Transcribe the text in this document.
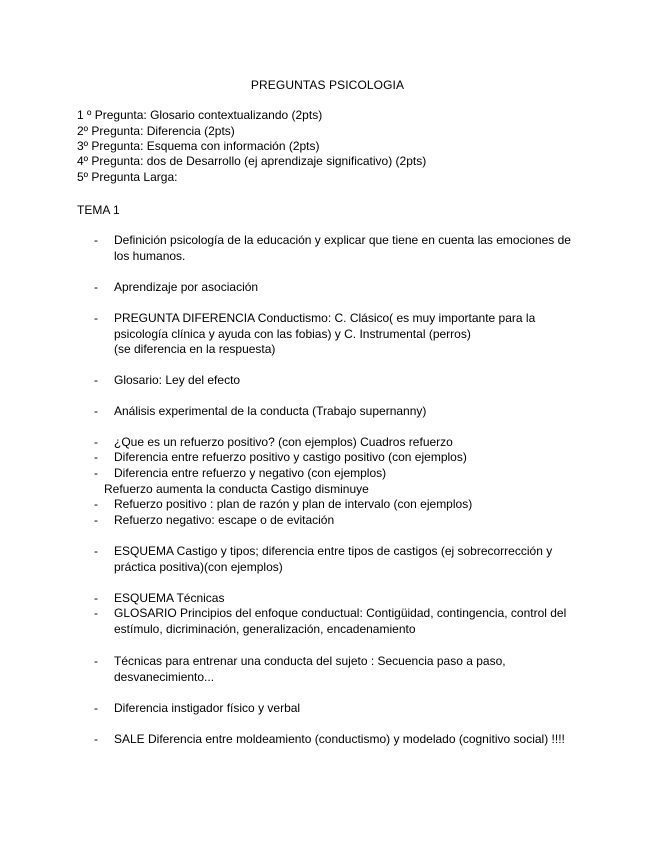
PREGUNTAS PSICOLOGIA
1 º Pregunta: Glosario contextualizando (2pts)
2º Pregunta: Diferencia (2pts)
3º Pregunta: Esquema con información (2pts)
4º Pregunta: dos de Desarrollo (ej aprendizaje significativo) (2pts)
5º Pregunta Larga:
TEMA 1
- Definición psicología de la educación y explicar que tiene en cuenta las emociones de los humanos.
- Aprendizaje por asociación
- PREGUNTA DIFERENCIA Conductismo: C. Clásico( es muy importante para la psicología clínica y ayuda con las fobias) y C. Instrumental (perros)
(se diferencia en la respuesta)
- Glosario: Ley del efecto
- Análisis experimental de la conducta (Trabajo supernanny)
- ¿Que es un refuerzo positivo? (con ejemplos) Cuadros refuerzo
- Diferencia entre refuerzo positivo y castigo positivo (con ejemplos)
- Diferencia entre refuerzo y negativo (con ejemplos)
Refuerzo aumenta la conducta Castigo disminuye
- Refuerzo positivo : plan de razón y plan de intervalo (con ejemplos)
- Refuerzo negativo: escape o de evitación
- ESQUEMA Castigo y tipos; diferencia entre tipos de castigos (ej sobrecorrección y práctica positiva)(con ejemplos)
- ESQUEMA Técnicas
- GLOSARIO Principios del enfoque conductual: Contigüidad, contingencia, control del estímulo, dicriminación, generalización, encadenamiento
- Técnicas para entrenar una conducta del sujeto : Secuencia paso a paso, desvanecimiento...
- Diferencia instigador físico y verbal
- SALE Diferencia entre moldeamiento (conductismo) y modelado (cognitivo social) !!!!
